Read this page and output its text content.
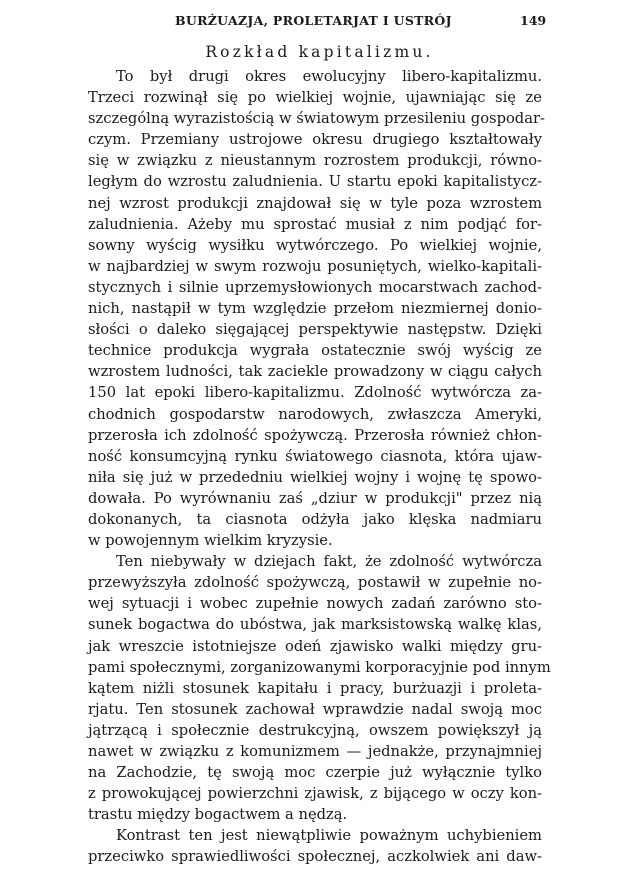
BURŻUAZJA, PROLETARJAT I USTRÓJ	149
Rozkład kapitalizmu.
To był drugi okres ewolucyjny libero-kapitalizmu.
Trzeci rozwinął się po wielkiej wojnie, ujawniając się ze
szczególną wyrazistością w światowym przesileniu gospodar-
czym. Przemiany ustrojowe okresu drugiego kształtowały
się w związku z nieustannym rozrostem produkcji, równo-
ległym do wzrostu zaludnienia. U startu epoki kapitalistycz-
nej wzrost produkcji znajdował się w tyle poza wzrostem
zaludnienia. Ażeby mu sprostać musiał z nim podjąć for-
sowny wyścig wysiłku wytwórczego. Po wielkiej wojnie,
w najbardziej w swym rozwoju posuniętych, wielko-kapitali-
stycznych i silnie uprzemysłowionych mocarstwach zachod-
nich, nastąpił w tym względzie przełom niezmiernej donio-
słości o daleko sięgającej perspektywie następstw. Dzięki
technice produkcja wygrała ostatecznie swój wyścig ze
wzrostem ludności, tak zaciekle prowadzony w ciągu całych
150 lat epoki libero-kapitalizmu. Zdolność wytwórcza za-
chodnich gospodarstw narodowych, zwłaszcza Ameryki,
przerosła ich zdolność spożywczą. Przerosła również chłon-
ność konsumcyjną rynku światowego ciasnota, która ujaw-
niła się już w przededniu wielkiej wojny i wojnę tę spowo-
dowała. Po wyrównaniu zaś „dziur w produkcji" przez nią
dokonanych, ta ciasnota odżyła jako klęska nadmiaru
w powojennym wielkim kryzysie.
Ten niebywały w dziejach fakt, że zdolność wytwórcza
przewyższyła zdolność spożywczą, postawił w zupełnie no-
wej sytuacji i wobec zupełnie nowych zadań zarówno sto-
sunek bogactwa do ubóstwa, jak marksistowską walkę klas,
jak wreszcie istotniejsze odeń zjawisko walki między gru-
pami społecznymi, zorganizowanymi korporacyjnie pod innym
kątem niżli stosunek kapitału i pracy, burżuazji i proleta-
rjatu. Ten stosunek zachował wprawdzie nadal swoją moc
jątrzącą i społecznie destrukcyjną, owszem powiększył ją
nawet w związku z komunizmem — jednakże, przynajmniej
na Zachodzie, tę swoją moc czerpie już wyłącznie tylko
z prowokującej powierzchni zjawisk, z bijącego w oczy kon-
trastu między bogactwem a nędzą.
Kontrast ten jest niewątpliwie poważnym uchybieniem
przeciwko sprawiedliwości społecznej, aczkolwiek ani daw-
